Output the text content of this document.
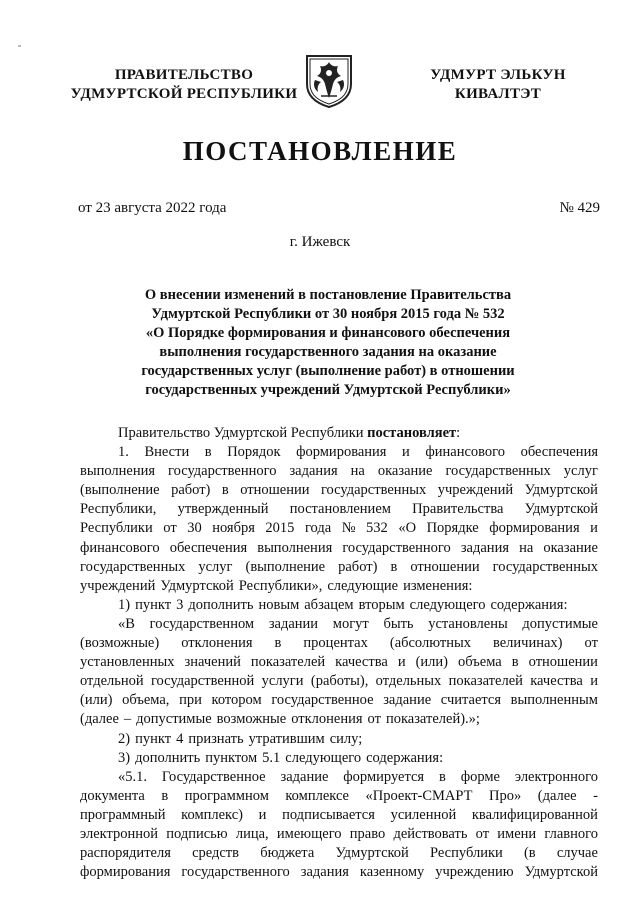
ПРАВИТЕЛЬСТВО
УДМУРТСКОЙ РЕСПУБЛИКИ
УДМУРТ ЭЛЬКУН
КИВАЛТЭТ
ПОСТАНОВЛЕНИЕ
от 23 августа 2022 года	№ 429
г. Ижевск
О внесении изменений в постановление Правительства
Удмуртской Республики от 30 ноября 2015 года № 532
«О Порядке формирования и финансового обеспечения
выполнения государственного задания на оказание
государственных услуг (выполнение работ) в отношении
государственных учреждений Удмуртской Республики»
Правительство Удмуртской Республики постановляет :
1. Внести в Порядок формирования и финансового обеспечения
выполнения государственного задания на оказание государственных услуг
(выполнение работ) в отношении государственных учреждений Удмуртской
Республики, утвержденный постановлением Правительства Удмуртской
Республики от 30 ноября 2015 года № 532 «О Порядке формирования и
финансового обеспечения выполнения государственного задания на оказание
государственных услуг (выполнение работ) в отношении государственных
учреждений Удмуртской Республики», следующие изменения:
1) пункт 3 дополнить новым абзацем вторым следующего содержания:
«В государственном задании могут быть установлены допустимые
(возможные) отклонения в процентах (абсолютных величинах) от
установленных значений показателей качества и (или) объема в отношении
отдельной государственной услуги (работы), отдельных показателей качества и
(или) объема, при котором государственное задание считается выполненным
(далее – допустимые возможные отклонения от показателей).»;
2) пункт 4 признать утратившим силу;
3) дополнить пунктом 5.1 следующего содержания:
«5.1. Государственное задание формируется в форме электронного
документа в программном комплексе «Проект-СМАРТ Про» (далее -
программный комплекс) и подписывается усиленной квалифицированной
электронной подписью лица, имеющего право действовать от имени главного
распорядителя средств бюджета Удмуртской Республики (в случае
формирования государственного задания казенному учреждению Удмуртской
